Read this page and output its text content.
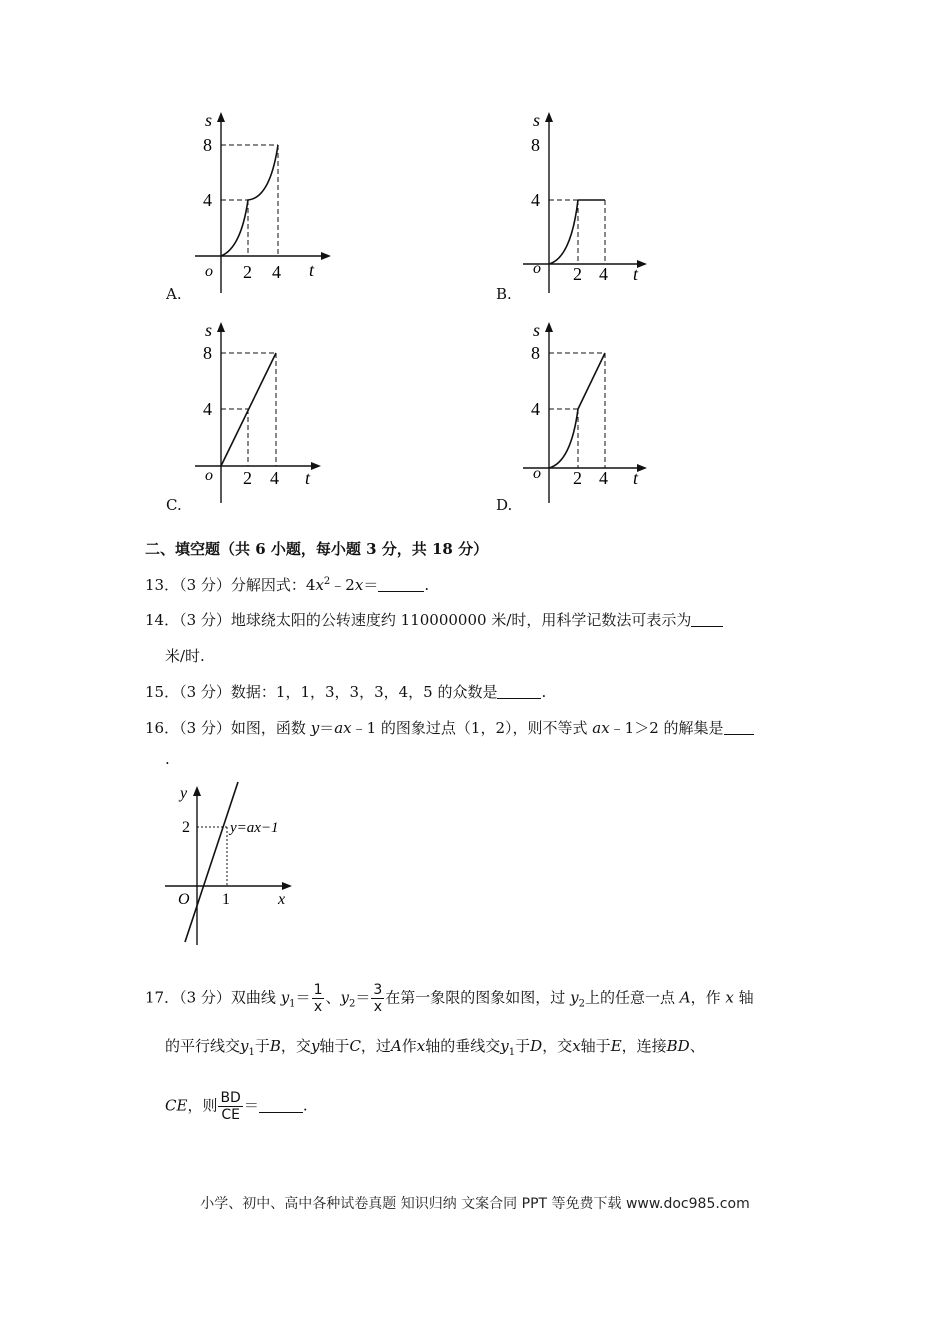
s
8
4
o 2 4 t
A.
s
8
4
o 2 4 t
B.
s
8
4
o 2 4 t
C.
s
8
4
o 2 4 t
D.
二、填空题（共 6 小题，每小题 3 分，共 18 分）
13．（3 分）分解因式：$4x^2﹣2x=$	.
14．（3 分）地球绕太阳的公转速度约 110000000 米/时，用科学记数法可表示为
米/时.
15．（3 分）数据：1，1，3，3，3，4，5 的众数是	.
16．（3 分）如图，函数 y＝ax﹣1 的图象过点（1，2），则不等式 ax﹣1＞2 的解集是
.
y
2
O 1	x
y=ax−1
17．（3 分）双曲线 $y_1= \frac{1}{x}$ 、$y_2= \frac{3}{x}$ 在第一象限的图象如图，过 $y_2$上的任意一点 A，作 x 轴
的平行线交$y_1$于B，交y轴于C，过A作x轴的垂线交$y_1$于D，交x轴于E，连接BD、
CE，则 $\frac{BD}{CE}$ ＝	.
小学、初中、高中各种试卷真题 知识归纳 文案合同 PPT 等免费下载 www.doc985.com
